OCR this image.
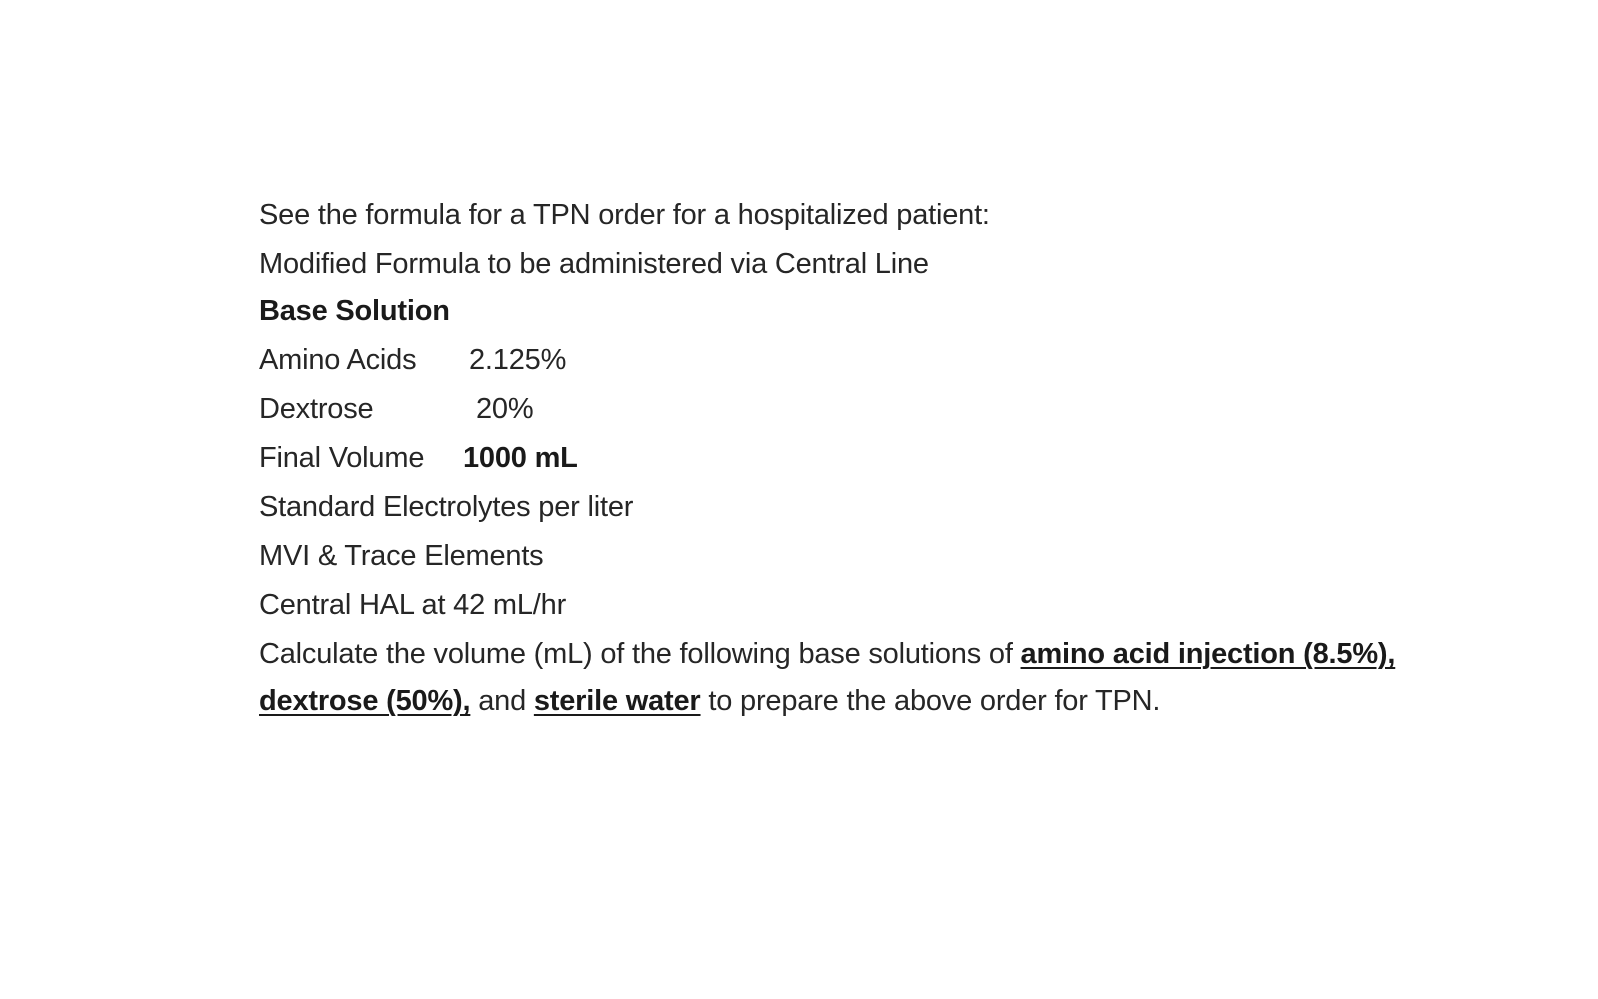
See the formula for a TPN order for a hospitalized patient:
Modified Formula to be administered via Central Line
Base Solution
Amino Acids 2.125%
Dextrose	20%
Final Volume 1000 mL
Standard Electrolytes per liter
MVI & Trace Elements
Central HAL at 42 mL/hr
Calculate the volume (mL) of the following base solutions of amino acid injection (8.5%),
dextrose (50%), and sterile water to prepare the above order for TPN.
